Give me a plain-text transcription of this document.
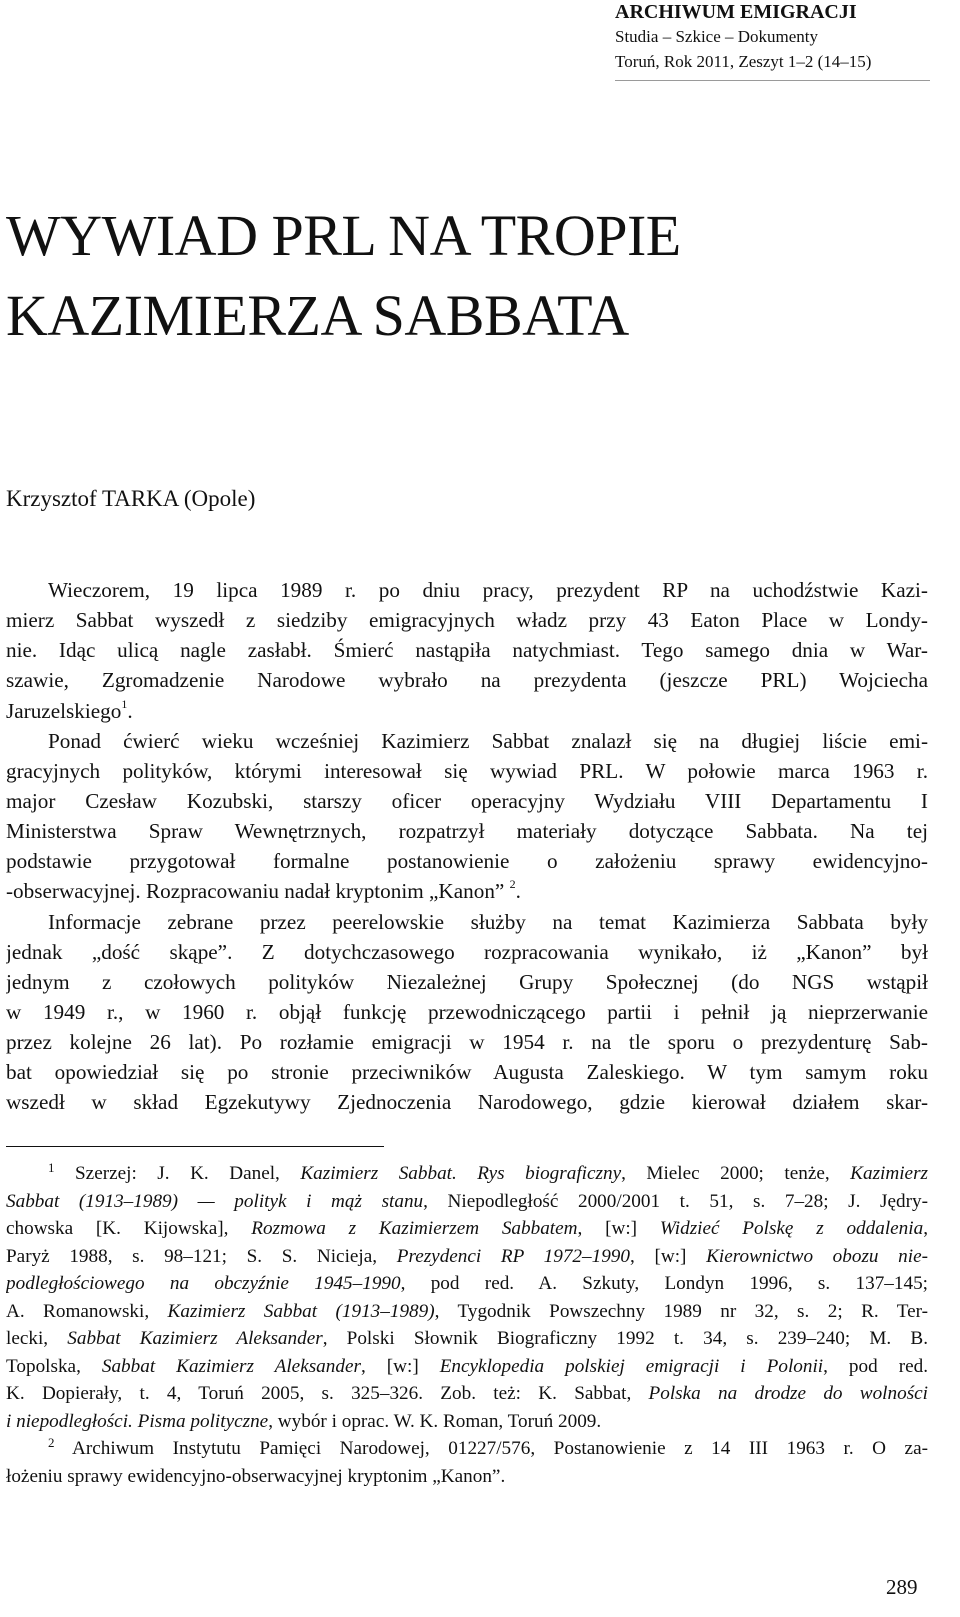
ARCHIWUM EMIGRACJI
Studia – Szkice – Dokumenty
Toruń, Rok 2011, Zeszyt 1–2 (14–15)
WYWIAD PRL NA TROPIE
KAZIMIERZA SABBATA
Krzysztof TARKA (Opole)
Wieczorem, 19 lipca 1989 r. po dniu pracy, prezydent RP na uchodźstwie Kazi-
mierz Sabbat wyszedł z siedziby emigracyjnych władz przy 43 Eaton Place w Londy-
nie. Idąc ulicą nagle zasłabł. Śmierć nastąpiła natychmiast. Tego samego dnia w War-
szawie, Zgromadzenie Narodowe wybrało na prezydenta (jeszcze PRL) Wojciecha
Jaruzelskiego$^1$.
Ponad ćwierć wieku wcześniej Kazimierz Sabbat znalazł się na długiej liście emi-
gracyjnych polityków, którymi interesował się wywiad PRL. W połowie marca 1963 r.
major Czesław Kozubski, starszy oficer operacyjny Wydziału VIII Departamentu I
Ministerstwa Spraw Wewnętrznych, rozpatrzył materiały dotyczące Sabbata. Na tej
podstawie przygotował formalne postanowienie o założeniu sprawy ewidencyjno-
-obserwacyjnej. Rozpracowaniu nadał kryptonim „Kanon” $^2$.
Informacje zebrane przez peerelowskie służby na temat Kazimierza Sabbata były
jednak „dość skąpe”. Z dotychczasowego rozpracowania wynikało, iż „Kanon” był
jednym z czołowych polityków Niezależnej Grupy Społecznej (do NGS wstąpił
w 1949 r., w 1960 r. objął funkcję przewodniczącego partii i pełnił ją nieprzerwanie
przez kolejne 26 lat). Po rozłamie emigracji w 1954 r. na tle sporu o prezydenturę Sab-
bat opowiedział się po stronie przeciwników Augusta Zaleskiego. W tym samym roku
wszedł w skład Egzekutywy Zjednoczenia Narodowego, gdzie kierował działem skar-
$^1$ Szerzej: J. K. Danel, Kazimierz Sabbat. Rys biograficzny, Mielec 2000; tenże, Kazimierz
Sabbat (1913–1989) — polityk i mąż stanu, Niepodległość 2000/2001 t. 51, s. 7–28; J. Jędry-
chowska [K. Kijowska], Rozmowa z Kazimierzem Sabbatem, [w:] Widzieć Polskę z oddalenia,
Paryż 1988, s. 98–121; S. S. Nicieja, Prezydenci RP 1972–1990, [w:] Kierownictwo obozu nie-
podległościowego na obczyźnie 1945–1990, pod red. A. Szkuty, Londyn 1996, s. 137–145;
A. Romanowski, Kazimierz Sabbat (1913–1989), Tygodnik Powszechny 1989 nr 32, s. 2; R. Ter-
lecki, Sabbat Kazimierz Aleksander, Polski Słownik Biograficzny 1992 t. 34, s. 239–240; M. B.
Topolska, Sabbat Kazimierz Aleksander, [w:] Encyklopedia polskiej emigracji i Polonii, pod red.
K. Dopierały, t. 4, Toruń 2005, s. 325–326. Zob. też: K. Sabbat, Polska na drodze do wolności
i niepodległości. Pisma polityczne, wybór i oprac. W. K. Roman, Toruń 2009.
$^2$ Archiwum Instytutu Pamięci Narodowej, 01227/576, Postanowienie z 14 III 1963 r. O za-
łożeniu sprawy ewidencyjno-obserwacyjnej kryptonim „Kanon”.
289
